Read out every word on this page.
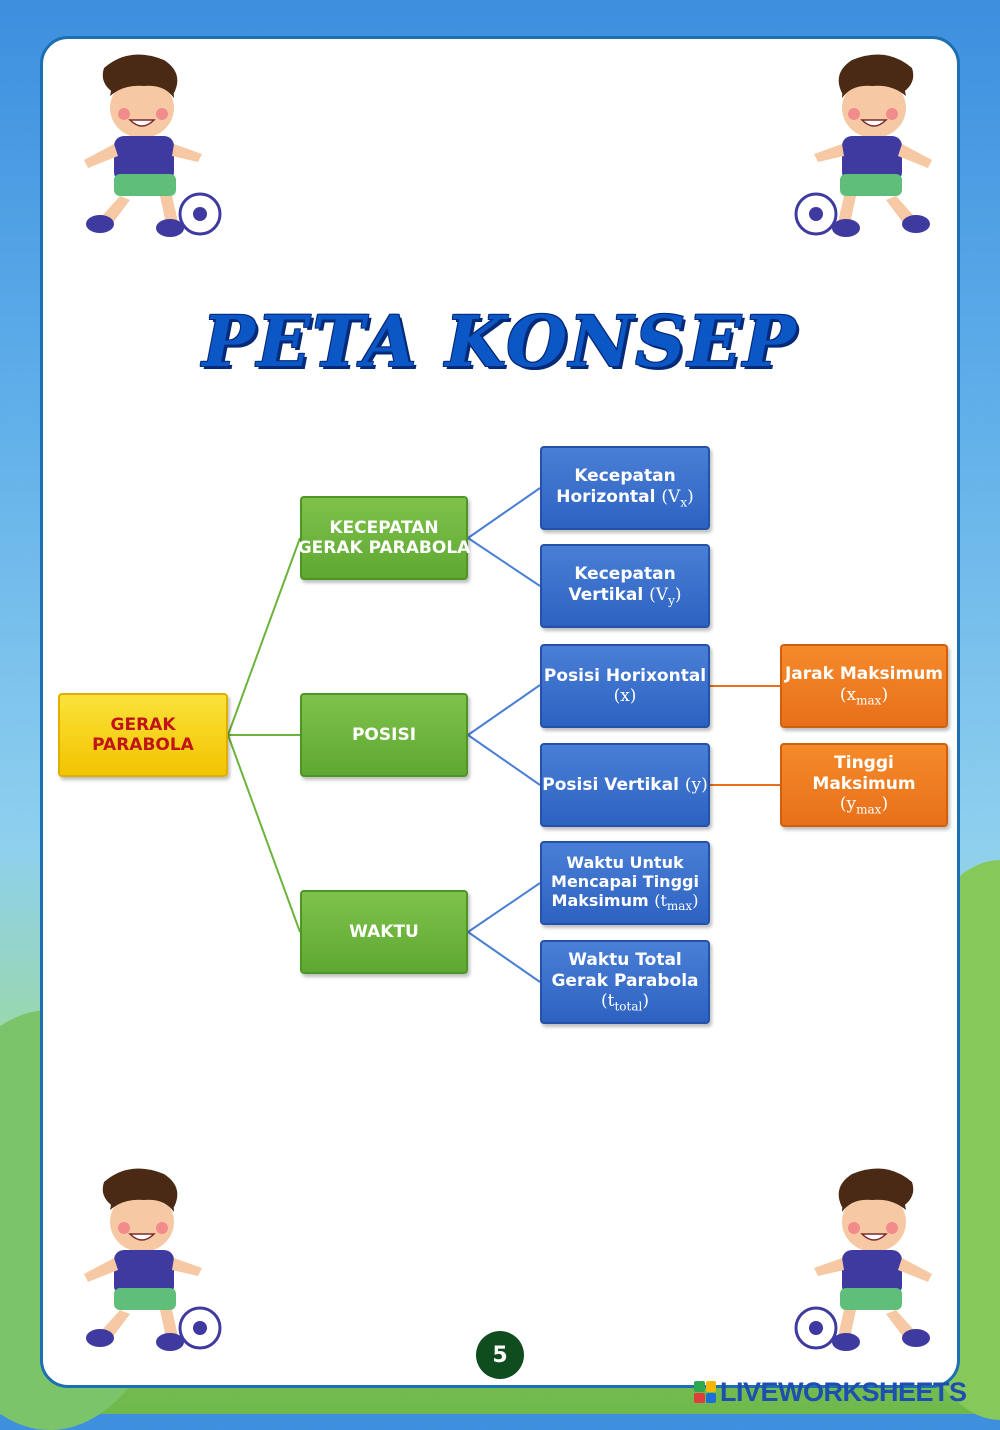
PETA KONSEP
GERAK PARABOLA
KECEPATAN
GERAK PARABOLA
POSISI
WAKTU
Kecepatan
Horizontal $(V_x)$
Kecepatan
Vertikal $(V_y)$
Posisi Horixontal
(x)
Posisi Vertikal (y)
Waktu Untuk
Mencapai Tinggi
Maksimum $(t_{max})$
Waktu Total
Gerak Parabola
$(t_{total})$
Jarak Maksimum
$(x_{max})$
Tinggi Maksimum
$(y_{max})$
5
LIVEWORKSHEETS
